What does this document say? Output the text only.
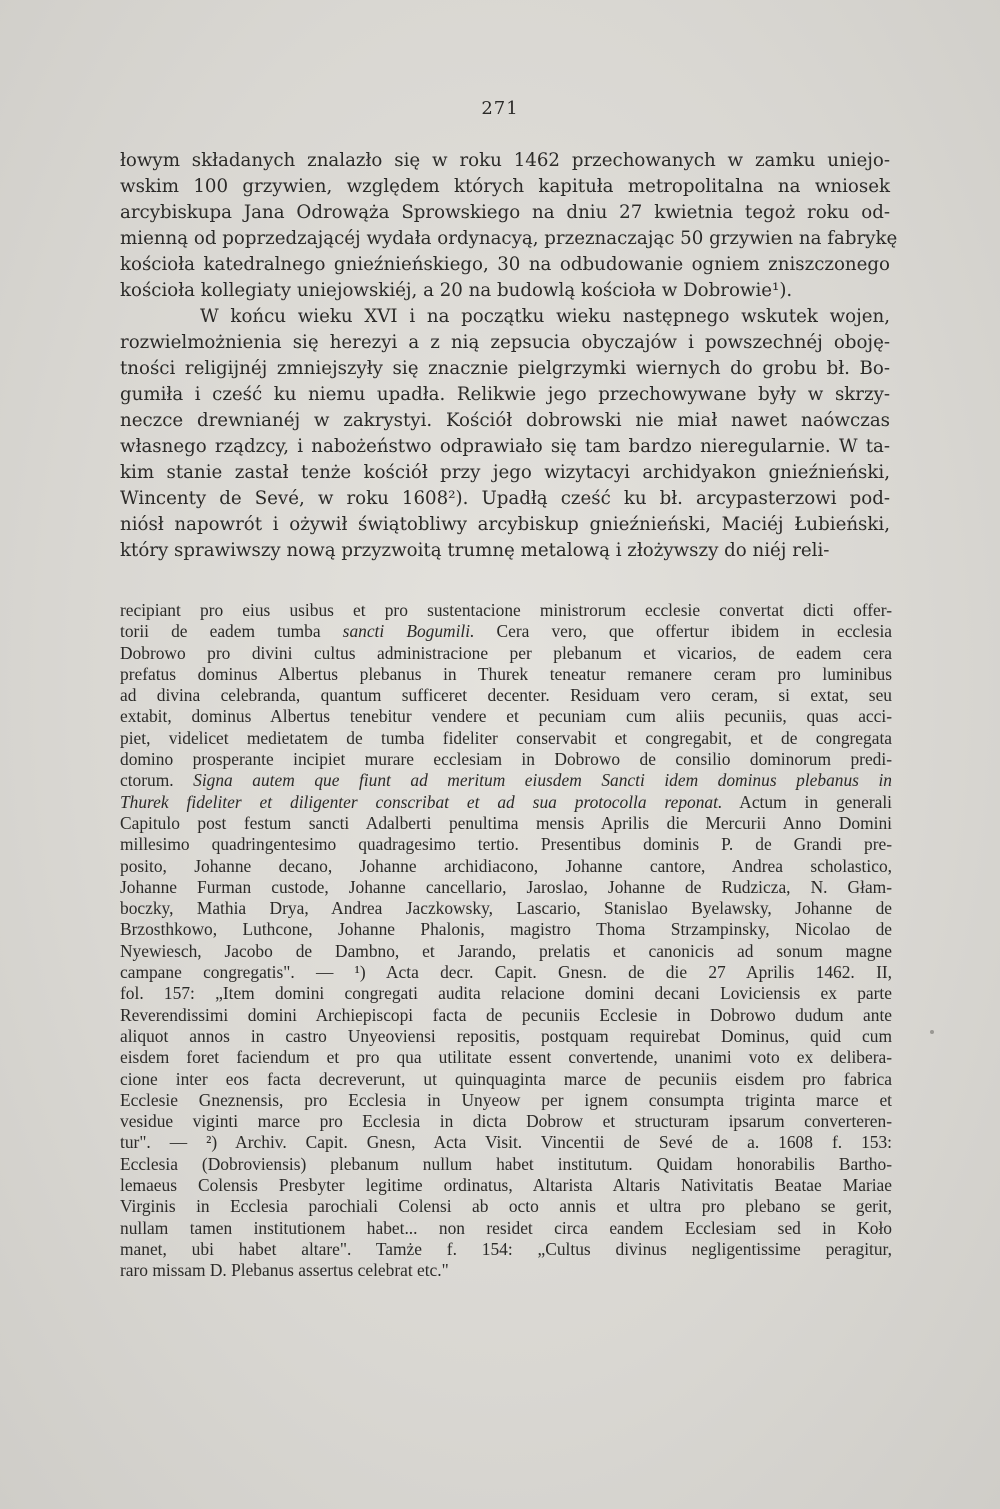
271
łowym składanych znalazło się w roku 1462 przechowanych w zamku uniejo-
wskim 100 grzywien, względem których kapituła metropolitalna na wniosek
arcybiskupa Jana Odrowąża Sprowskiego na dniu 27 kwietnia tegoż roku od-
mienną od poprzedzającéj wydała ordynacyą, przeznaczając 50 grzywien na fabrykę
kościoła katedralnego gnieźnieńskiego, 30 na odbudowanie ogniem zniszczonego
kościoła kollegiaty uniejowskiéj, a 20 na budowlą kościoła w Dobrowie¹).
W końcu wieku XVI i na początku wieku następnego wskutek wojen,
rozwielmożnienia się herezyi a z nią zepsucia obyczajów i powszechnéj oboję-
tności religijnéj zmniejszyły się znacznie pielgrzymki wiernych do grobu bł. Bo-
gumiła i cześć ku niemu upadła. Relikwie jego przechowywane były w skrzy-
neczce drewnianéj w zakrystyi. Kościół dobrowski nie miał nawet naówczas
własnego rządzcy, i nabożeństwo odprawiało się tam bardzo nieregularnie. W ta-
kim stanie zastał tenże kościół przy jego wizytacyi archidyakon gnieźnieński,
Wincenty de Sevé, w roku 1608²). Upadłą cześć ku bł. arcypasterzowi pod-
niósł napowrót i ożywił świątobliwy arcybiskup gnieźnieński, Maciéj Łubieński,
który sprawiwszy nową przyzwoitą trumnę metalową i złożywszy do niéj reli-
recipiant pro eius usibus et pro sustentacione ministrorum ecclesie convertat dicti offer-
torii de eadem tumba sancti Bogumili. Cera vero, que offertur ibidem in ecclesia
Dobrowo pro divini cultus administracione per plebanum et vicarios, de eadem cera
prefatus dominus Albertus plebanus in Thurek teneatur remanere ceram pro luminibus
ad divina celebranda, quantum sufficeret decenter. Residuam vero ceram, si extat, seu
extabit, dominus Albertus tenebitur vendere et pecuniam cum aliis pecuniis, quas acci-
piet, videlicet medietatem de tumba fideliter conservabit et congregabit, et de congregata
domino prosperante incipiet murare ecclesiam in Dobrowo de consilio dominorum predi-
ctorum. Signa autem que fiunt ad meritum eiusdem Sancti idem dominus plebanus in
Thurek fideliter et diligenter conscribat et ad sua protocolla reponat. Actum in generali
Capitulo post festum sancti Adalberti penultima mensis Aprilis die Mercurii Anno Domini
millesimo quadringentesimo quadragesimo tertio. Presentibus dominis P. de Grandi pre-
posito, Johanne decano, Johanne archidiacono, Johanne cantore, Andrea scholastico,
Johanne Furman custode, Johanne cancellario, Jaroslao, Johanne de Rudzicza, N. Głam-
boczky, Mathia Drya, Andrea Jaczkowsky, Lascario, Stanislao Byelawsky, Johanne de
Brzosthkowo, Luthcone, Johanne Phalonis, magistro Thoma Strzampinsky, Nicolao de
Nyewiesch, Jacobo de Dambno, et Jarando, prelatis et canonicis ad sonum magne
campane congregatis". — ¹) Acta decr. Capit. Gnesn. de die 27 Aprilis 1462. II,
fol. 157: „Item domini congregati audita relacione domini decani Loviciensis ex parte
Reverendissimi domini Archiepiscopi facta de pecuniis Ecclesie in Dobrowo dudum ante
aliquot annos in castro Unyeoviensi repositis, postquam requirebat Dominus, quid cum
eisdem foret faciendum et pro qua utilitate essent convertende, unanimi voto ex delibera-
cione inter eos facta decreverunt, ut quinquaginta marce de pecuniis eisdem pro fabrica
Ecclesie Gneznensis, pro Ecclesia in Unyeow per ignem consumpta triginta marce et
vesidue viginti marce pro Ecclesia in dicta Dobrow et structuram ipsarum converteren-
tur". — ²) Archiv. Capit. Gnesn, Acta Visit. Vincentii de Sevé de a. 1608 f. 153:
Ecclesia (Dobroviensis) plebanum nullum habet institutum. Quidam honorabilis Bartho-
lemaeus Colensis Presbyter legitime ordinatus, Altarista Altaris Nativitatis Beatae Mariae
Virginis in Ecclesia parochiali Colensi ab octo annis et ultra pro plebano se gerit,
nullam tamen institutionem habet... non residet circa eandem Ecclesiam sed in Koło
manet, ubi habet altare". Tamże f. 154: „Cultus divinus negligentissime peragitur,
raro missam D. Plebanus assertus celebrat etc."
